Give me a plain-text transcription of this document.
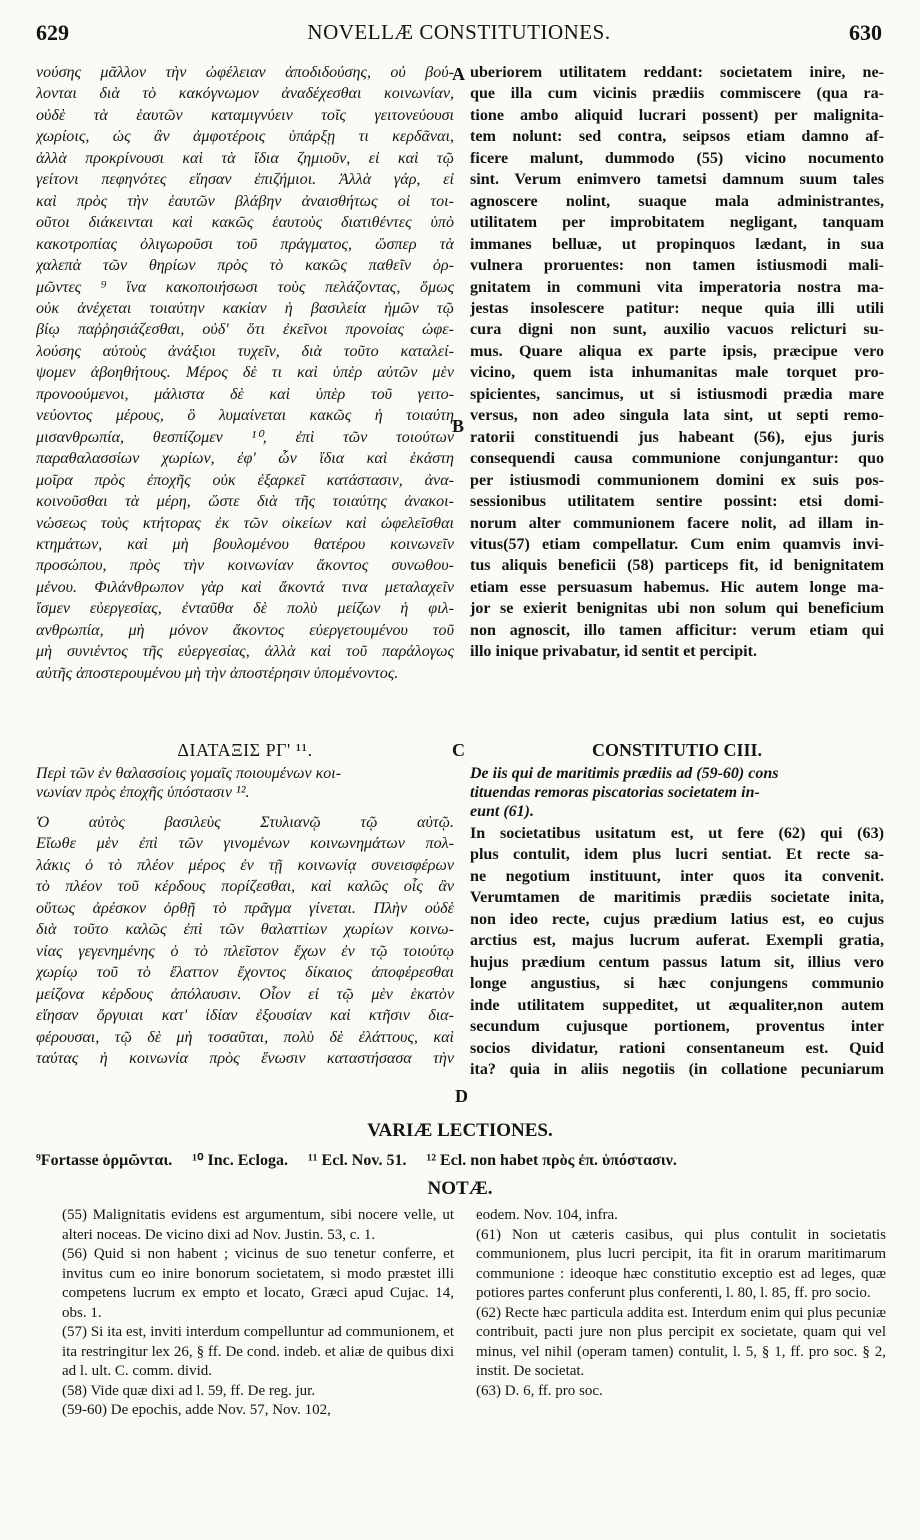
629	NOVELLÆ CONSTITUTIONES.	630
νούσης μᾶλλον τὴν ὠφέλειαν ἀποδιδούσης, οὐ βού-
λονται διὰ τὸ κακόγνωμον ἀναδέχεσθαι κοινωνίαν,
οὐδὲ τὰ ἑαυτῶν καταμιγνύειν τοῖς γειτονεύουσι
χωρίοις, ὡς ἂν ἀμφοτέροις ὑπάρξῃ τι κερδᾶναι,
ἀλλὰ προκρίνουσι καὶ τὰ ἴδια ζημιοῦν, εἰ καὶ τῷ
γείτονι πεφηνότες εἴησαν ἐπιζήμιοι. Ἀλλὰ γάρ, εἰ
καὶ πρὸς τὴν ἑαυτῶν βλάβην ἀναισθήτως οἱ τοι-
οῦτοι διάκεινται καὶ κακῶς ἑαυτοὺς διατιθέντες ὑπὸ
κακοτροπίας ὀλιγωροῦσι τοῦ πράγματος, ὥσπερ τὰ
χαλεπὰ τῶν θηρίων πρὸς τὸ κακῶς παθεῖν ὁρ-
μῶντες ⁹ ἵνα κακοποιήσωσι τοὺς πελάζοντας, ὅμως
οὐκ ἀνέχεται τοιαύτην κακίαν ἡ βασιλεία ἡμῶν τῷ
βίῳ παῤῥησιάζεσθαι, οὐδ' ὅτι ἐκεῖνοι προνοίας ὠφε-
λούσης αὐτοὺς ἀνάξιοι τυχεῖν, διὰ τοῦτο καταλεί-
ψομεν ἀβοηθήτους. Μέρος δὲ τι καὶ ὑπὲρ αὐτῶν μὲν
προνοούμενοι, μάλιστα δὲ καὶ ὑπὲρ τοῦ γειτο-
νεύοντος μέρους, ὃ λυμαίνεται κακῶς ἡ τοιαύτη
μισανθρωπία, θεσπίζομεν ¹⁰, ἐπὶ τῶν τοιούτων
παραθαλασσίων χωρίων, ἐφ' ὧν ἴδια καὶ ἑκάστη
μοῖρα πρὸς ἐποχῆς οὐκ ἐξαρκεῖ κατάστασιν, ἀνα-
κοινοῦσθαι τὰ μέρη, ὥστε διὰ τῆς τοιαύτης ἀνακοι-
νώσεως τοὺς κτήτορας ἐκ τῶν οἰκείων καὶ ὠφελεῖσθαι
κτημάτων, καὶ μὴ βουλομένου θατέρου κοινωνεῖν
προσώπου, πρὸς τὴν κοινωνίαν ἄκοντος συνωθου-
μένου. Φιλάνθρωπον γὰρ καὶ ἄκοντά τινα μεταλαχεῖν
ἴσμεν εὐεργεσίας, ἐνταῦθα δὲ πολὺ μείζων ἡ φιλ-
ανθρωπία, μὴ μόνον ἄκοντος εὐεργετουμένου τοῦ
μὴ συνιέντος τῆς εὐεργεσίας, ἀλλὰ καὶ τοῦ παράλογως
αὐτῆς ἀποστερουμένου μὴ τὴν ἀποστέρησιν ὑπομένοντος.
uberiorem utilitatem reddant: societatem inire, ne-
que illa cum vicinis prædiis commiscere (qua ra-
tione ambo aliquid lucrari possent) per malignita-
tem nolunt: sed contra, seipsos etiam damno af-
ficere malunt, dummodo (55) vicino nocumento
sint. Verum enimvero tametsi damnum suum tales
agnoscere nolint, suaque mala administrantes,
utilitatem per improbitatem negligant, tanquam
immanes belluæ, ut propinquos lædant, in sua
vulnera proruentes: non tamen istiusmodi mali-
gnitatem in communi vita imperatoria nostra ma-
jestas insolescere patitur: neque quia illi utili
cura digni non sunt, auxilio vacuos relicturi su-
mus. Quare aliqua ex parte ipsis, præcipue vero
vicino, quem ista inhumanitas male torquet pro-
spicientes, sancimus, ut si istiusmodi prædia mare
versus, non adeo singula lata sint, ut septi remo-
ratorii constituendi jus habeant (56), ejus juris
consequendi causa communione conjungantur: quo
per istiusmodi communionem domini ex suis pos-
sessionibus utilitatem sentire possint: etsi domi-
norum alter communionem facere nolit, ad illam in-
vitus(57) etiam compellatur. Cum enim quamvis invi-
tus aliquis beneficii (58) particeps fit, id benignitatem
etiam esse persuasum habemus. Hic autem longe ma-
jor se exierit benignitas ubi non solum qui beneficium
non agnoscit, illo tamen afficitur: verum etiam qui
illo inique privabatur, id sentit et percipit.
A
B
C
D
ΔΙΑΤΑΞΙΣ ΡΓ' ¹¹.	CONSTITUTIO CIII.

Περὶ τῶν ἐν θαλασσίοις γομαῖς ποιουμένων κοι-

νωνίαν πρὸς ἐποχῆς ὑπόστασιν ¹².

Ὁ αὐτὸς βασιλεὺς Στυλιανῷ τῷ αὐτῷ.
Εἴωθε μὲν ἐπὶ τῶν γινομένων κοινωνημάτων πολ-
λάκις ὁ τὸ πλέον μέρος ἐν τῇ κοινωνίᾳ συνεισφέρων
τὸ πλέον τοῦ κέρδους πορίζεσθαι, καὶ καλῶς οἷς ἂν
οὕτως ἀρέσκον ὀρθῇ τὸ πρᾶγμα γίνεται. Πλὴν οὐδὲ
διὰ τοῦτο καλῶς ἐπὶ τῶν θαλαττίων χωρίων κοινω-
νίας γεγενημένης ὁ τὸ πλεῖστον ἔχων ἐν τῷ τοιούτῳ
χωρίῳ τοῦ τὸ ἔλαττον ἔχοντος δίκαιος ἀποφέρεσθαι
μείζονα κέρδους ἀπόλαυσιν. Οἷον εἰ τῷ μὲν ἑκατὸν
εἴησαν ὄργυιαι κατ' ἰδίαν ἐξουσίαν καὶ κτῆσιν δια-
φέρουσαι, τῷ δὲ μὴ τοσαῦται, πολὺ δὲ ἐλάττους, καὶ
ταύτας ἡ κοινωνία πρὸς ἕνωσιν καταστήσασα τὴν

De iis qui de maritimis prædiis ad (59-60) cons

tituendas remoras piscatorias societatem in-

eunt (61).

In societatibus usitatum est, ut fere (62) qui (63)
plus contulit, idem plus lucri sentiat. Et recte sa-
ne negotium instituunt, inter quos ita convenit.
Verumtamen de maritimis prædiis societate inita,
non ideo recte, cujus prædium latius est, eo cujus
arctius est, majus lucrum auferat. Exempli gratia,
hujus prædium centum passus latum sit, illius vero
longe angustius, si hæc conjungens communio
inde utilitatem suppeditet, ut æqualiter,non autem
secundum cujusque portionem, proventus inter
socios dividatur, rationi consentaneum est. Quid
ita? quia in aliis negotiis (in collatione pecuniarum
VARIÆ LECTIONES.
⁹Fortasse ὁρμῶνται. ¹⁰ Inc. Ecloga. ¹¹ Ecl. Nov. 51. ¹² Ecl. non habet πρὸς ἐπ. ὑπόστασιν.
NOTÆ.

(55) Malignitatis evidens est argumentum, sibi nocere velle, ut alteri noceas. De vicino dixi ad Nov. Justin. 53, c. 1.

(56) Quid si non habent ; vicinus de suo tenetur conferre, et invitus cum eo inire bonorum societatem, si modo præstet illi competens lucrum ex empto et locato, Græci apud Cujac. 14, obs. 1.

(57) Si ita est, inviti interdum compelluntur ad communionem, et ita restringitur lex 26, § ff. De cond. indeb. et aliæ de quibus dixi ad l. ult. C. comm. divid.

(58) Vide quæ dixi ad l. 59, ff. De reg. jur.

(59-60) De epochis, adde Nov. 57, Nov. 102,

eodem. Nov. 104, infra.

(61) Non ut cæteris casibus, qui plus contulit in societatis communionem, plus lucri percipit, ita fit in orarum maritimarum communione : ideoque hæc constitutio exceptio est ad leges, quæ potiores partes conferunt plus conferenti, l. 80, l. 85, ff. pro socio.

(62) Recte hæc particula addita est. Interdum enim qui plus pecuniæ contribuit, pacti jure non plus percipit ex societate, quam qui vel minus, vel nihil (operam tamen) contulit, l. 5, § 1, ff. pro soc. § 2, instit. De societat.

(63) D. 6, ff. pro soc.
